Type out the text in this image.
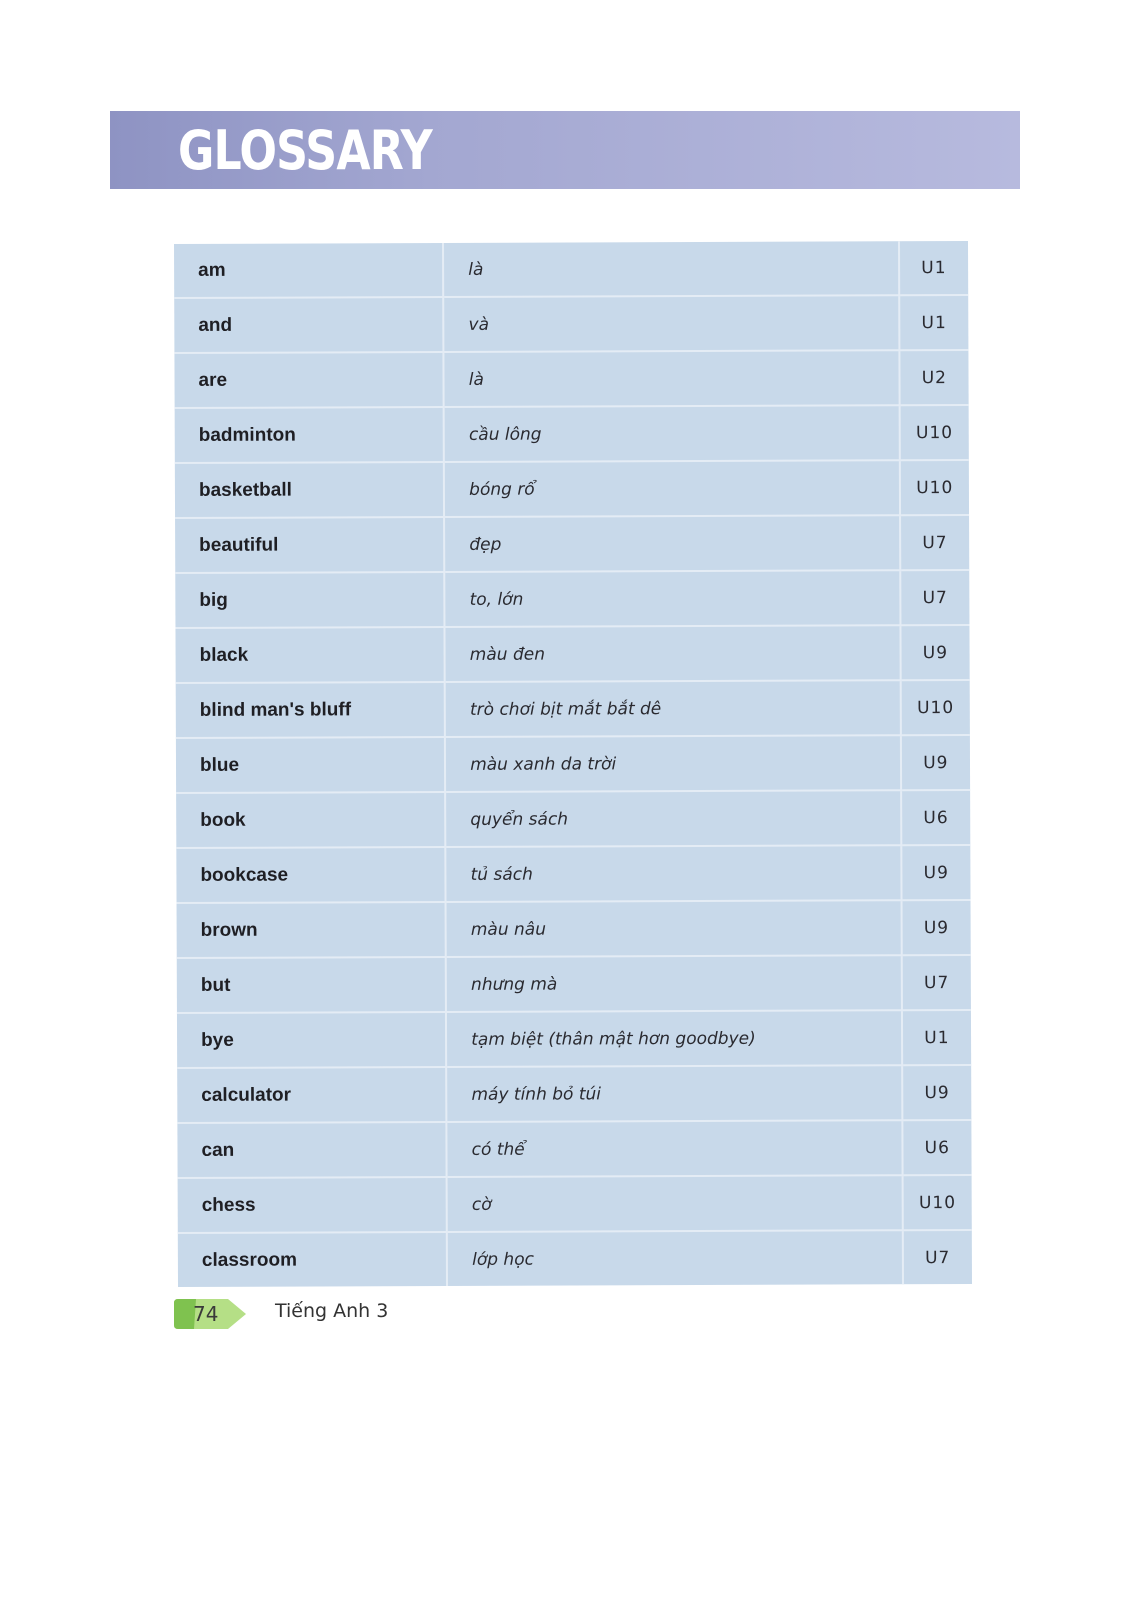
GLOSSARY
am	là	U1
and	và	U1
are	là	U2
badminton	cầu lông	U10
basketball	bóng rổ	U10
beautiful	đẹp	U7
big	to, lớn	U7
black	màu đen	U9
blind man's bluff	trò chơi bịt mắt bắt dê	U10
blue	màu xanh da trời	U9
book	quyển sách	U6
bookcase	tủ sách	U9
brown	màu nâu	U9
but	nhưng mà	U7
bye	tạm biệt (thân mật hơn goodbye)	U1
calculator	máy tính bỏ túi	U9
can	có thể	U6
chess	cờ	U10
classroom	lớp học	U7
74	Tiếng Anh 3
